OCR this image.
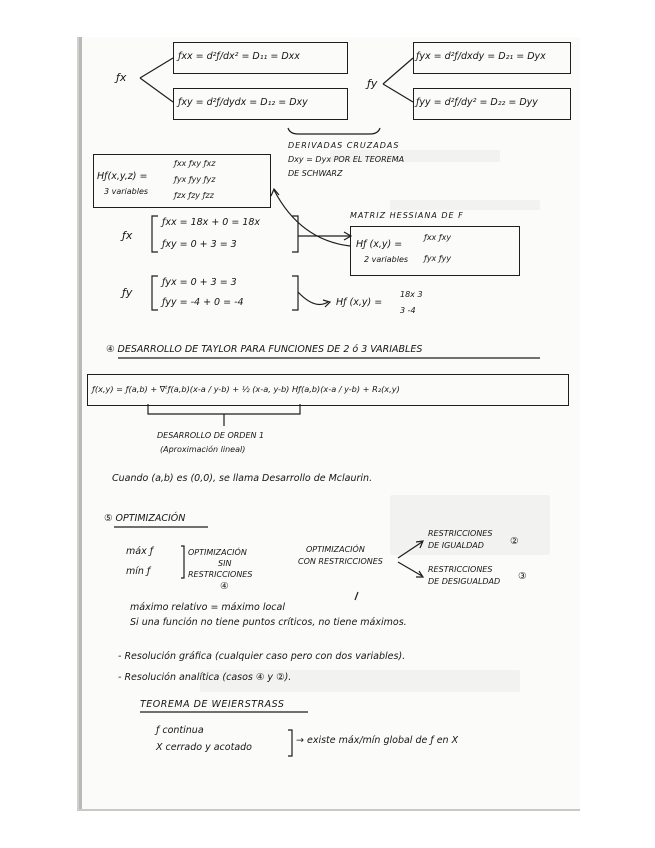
ƒx
ƒxx = d²ƒ/dx² = D₁₁ = Dxx
ƒxy = d²ƒ/dydx = D₁₂ = Dxy
ƒy
ƒyx = d²ƒ/dxdy = D₂₁ = Dyx
ƒyy = d²ƒ/dy² = D₂₂ = Dyy
DERIVADAS CRUZADAS
Dxy = Dyx POR EL TEOREMA
DE SCHWARZ
Hƒ(x,y,z) =
3 variables
ƒxx ƒxy ƒxz
ƒyx ƒyy ƒyz
ƒzx ƒzy ƒzz
ƒx
ƒxx = 18x + 0 = 18x
ƒxy = 0 + 3 = 3
ƒy
ƒyx = 0 + 3 = 3
ƒyy = -4 + 0 = -4	Hƒ (x,y) =
18x 3
3 -4
MATRIZ HESSIANA DE F
Hƒ (x,y) =
2 variables
ƒxx ƒxy
ƒyx ƒyy
④ DESARROLLO DE TAYLOR PARA FUNCIONES DE 2 ó 3 VARIABLES
ƒ(x,y) = ƒ(a,b) + ∇ᵗƒ(a,b)(x-a / y-b) + ½ (x-a, y-b) Hƒ(a,b)(x-a / y-b) + R₂(x,y)
DESARROLLO DE ORDEN 1
(Aproximación lineal)
Cuando (a,b) es (0,0), se llama Desarrollo de Mclaurin.
⑤ OPTIMIZACIÓN
máx ƒ
mín ƒ
OPTIMIZACIÓN
SIN
RESTRICCIONES
④
OPTIMIZACIÓN
CON RESTRICCIONES
RESTRICCIONES
DE IGUALDAD	②
RESTRICCIONES
DE DESIGUALDAD ③
máximo relativo = máximo local
Si una función no tiene puntos críticos, no tiene máximos.
- Resolución gráfica (cualquier caso pero con dos variables).
- Resolución analítica (casos ④ y ②).
TEOREMA DE WEIERSTRASS
ƒ continua
X cerrado y acotado
→ existe máx/mín global de ƒ en X
